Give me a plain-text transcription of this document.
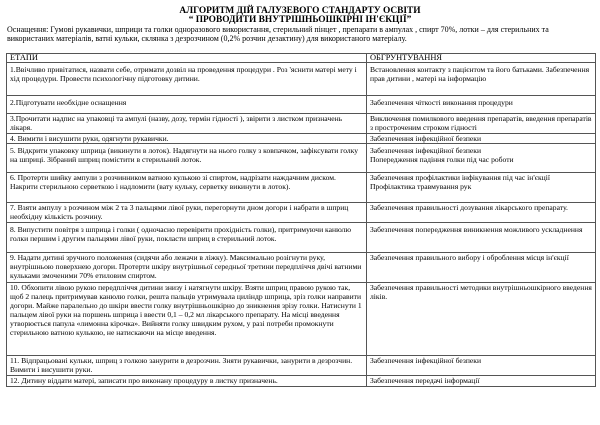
АЛГОРИТМ ДІЙ ГАЛУЗЕВОГО СТАНДАРТУ ОСВІТИ
“ ПРОВОДИТИ ВНУТРІШНЬОШКІРНІ ІН'ЄКЦІЇ”
Оснащення: Гумові рукавички, шприци та голки одноразового використання, стерильний пінцет , препарати в ампулах , спирт 70%, лотки – для стерильних та використаних матеріалів, ватні кульки, склянка з дезрозчином (0,2% розчин дезактину) для використаного матеріалу.
ЕТАПИ	ОБГРУНТУВАННЯ
1.Ввічливо привітатися, назвати себе, отримати дозвіл на проведення процедури . Роз 'яснити матері мету і хід процедури. Провести психологічну підготовку дитини.	Встановлення контакту з пацієнтом та його батьками. Забезпечення прав дитини , матері на інформацію
2.Підготувати необхідне оснащення	Забезпечення чіткості виконання процедури
3.Прочитати надпис на упаковці та ампулі (назву, дозу, термін гідності ), звірити з листком призначень лікаря.	Виключення помилкового введення препаратів, введення препаратів з простроченим строком гідності
4. Вимити і висушити руки, одягнути рукавички.	Забезпечення інфекційної безпеки
5. Відкрити упаковку шприца (викинути в лоток). Надягнути на нього голку з ковпачком, зафіксувати голку на шприці. Зібраний шприц помістити в стерильний лоток.	Забезпечення інфекційної безпеки
Попередження падіння голки під час роботи
6. Протерти шийку ампули з розчинником ватною кулькою зі спиртом, надрізати наждачним диском.
Накрити стерильною серветкою і надломити (вату кульку, серветку викинути в лоток).	Забезпечення профілактики інфікування під час ін'єкції
Профілактика травмування рук
7. Взяти ампулу з розчином між 2 та 3 пальцями лівої руки, перегорнути дном догори і набрати в шприц необхідну кількість розчину.	Забезпечення правильності дозування лікарського препарату.
8. Випустити повітря з шприца і голки ( одночасно перевірити прохідність голки), притримуючи канюлю голки першим і другим пальцями лівої руки, покласти шприц в стерильний лоток.	Забезпечення попередження виникнення можливого ускладнення
9. Надати дитині зручного положення (сидячи або лежачи в ліжку). Максимально розігнути руку, внутрішньою поверхнею догори. Протерти шкіру внутрішньої середньої третини передпліччя двічі ватними кульками змоченими 70% етиловим спиртом.	Забезпечення правильного вибору і оброблення місця ін'єкції
10. Обхопити лівою рукою передпліччя дитини знизу і натягнути шкіру. Взяти шприц правою рукою так, щоб 2 палець притримував канюлю голки, решта пальців утримувала циліндр шприца, зріз голки направити догори. Майже паралельно до шкіри ввести голку внутрішньошкірно до зникнення зрізу голки. Натиснути 1 пальцем лівої руки на поршень шприца і ввести 0,1 – 0,2 мл лікарського препарату. На місці введення утворюється папула «лимонна кірочка». Вийняти голку швидким рухом, у разі потреби промокнути стерильною ватною кулькою, не натискаючи на місце введення.	Забезпечення правильності методики внутрішньошкірного введення ліків.
11. Відпрацьовані кульки, шприц з голкою занурити в дезрозчин. Зняти рукавички, занурити в дезрозчин. Вимити і висушити руки.	Забезпечення інфекційної безпеки
12. Дитину віддати матері, записати про виконану процедуру в листку призначень.	Забезпечення передачі інформації
